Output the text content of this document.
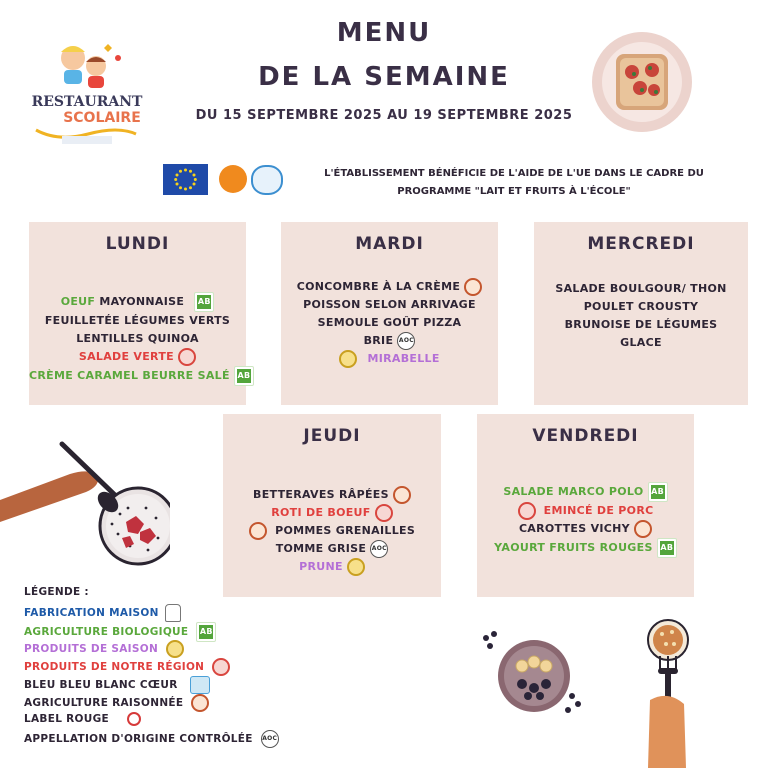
MENU
DE LA SEMAINE
DU 15 SEPTEMBRE 2025 AU 19 SEPTEMBRE 2025
RESTAURANT
SCOLAIRE
L'ÉTABLISSEMENT BÉNÉFICIE DE L'AIDE DE L'UE DANS LE CADRE DU
PROGRAMME "LAIT ET FRUITS À L'ÉCOLE"
LUNDI
OEUF MAYONNAISE AB
FEUILLETÉE LÉGUMES VERTS
LENTILLES QUINOA
SALADE VERTE
CRÈME CARAMEL BEURRE SALÉ AB
MARDI
CONCOMBRE À LA CRÈME
POISSON SELON ARRIVAGE
SEMOULE GOÛT PIZZA
BRIE AOC
MIRABELLE
MERCREDI
SALADE BOULGOUR/ THON
POULET CROUSTY
BRUNOISE DE LÉGUMES
GLACE
JEUDI
BETTERAVES RÂPÉES
ROTI DE BOEUF
POMMES GRENAILLES
TOMME GRISE AOC
PRUNE
VENDREDI
SALADE MARCO POLO AB
EMINCÉ DE PORC
CAROTTES VICHY
YAOURT FRUITS ROUGES AB
LÉGENDE :
FABRICATION MAISON
AGRICULTURE BIOLOGIQUE AB
PRODUITS DE SAISON
PRODUITS DE NOTRE RÉGION
BLEU BLEU BLANC CŒUR
AGRICULTURE RAISONNÉE
LABEL ROUGE
APPELLATION D'ORIGINE CONTRÔLÉE AOC
